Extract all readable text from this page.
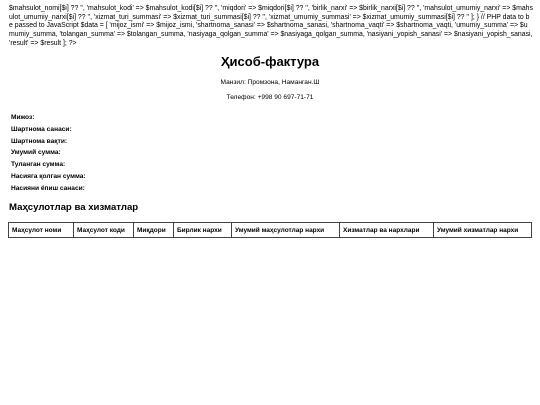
$mahsulot_nomi[$i] ?? '', 'mahsulot_kodi' => $mahsulot_kodi[$i] ?? '', 'miqdori' => $miqdori[$i] ?? '', 'birlik_narxi' => $birlik_narxi[$i] ?? '', 'mahsulot_umumiy_narxi' => $mahsulot_umumiy_narxi[$i] ?? '', 'xizmat_turi_summasi' => $xizmat_turi_summasi[$i] ?? '', 'xizmat_umumiy_summasi' => $xizmat_umumiy_summasi[$i] ?? '' ]; } // PHP data to be passed to JavaScript $data = [ 'mijoz_ismi' => $mijoz_ismi, 'shartnoma_sanasi' => $shartnoma_sanasi, 'shartnoma_vaqti' => $shartnoma_vaqti, 'umumiy_summa' => $umumiy_summa, 'tolangan_summa' => $tolangan_summa, 'nasiyaga_qolgan_summa' => $nasiyaga_qolgan_summa, 'nasiyani_yopish_sanasi' => $nasiyani_yopish_sanasi, 'result' => $result ]; ?>
Ҳисоб-фактура
Манзил: Промзона, Наманган.Ш
Телефон: +998 90 697-71-71
Мижоз:
Шартнома санаси:
Шартнома вақти:
Умумий сумма:
Туланган сумма:
Насияга қолган сумма:
Насияни ёпиш санаси:
Маҳсулотлар ва хизматлар
Маҳсулот номи	Маҳсулот коди	Миқдори	Бирлик нархи	Умумий маҳсулотлар нархи	Хизматлар ва нархлари	Умумий хизматлар нархи
